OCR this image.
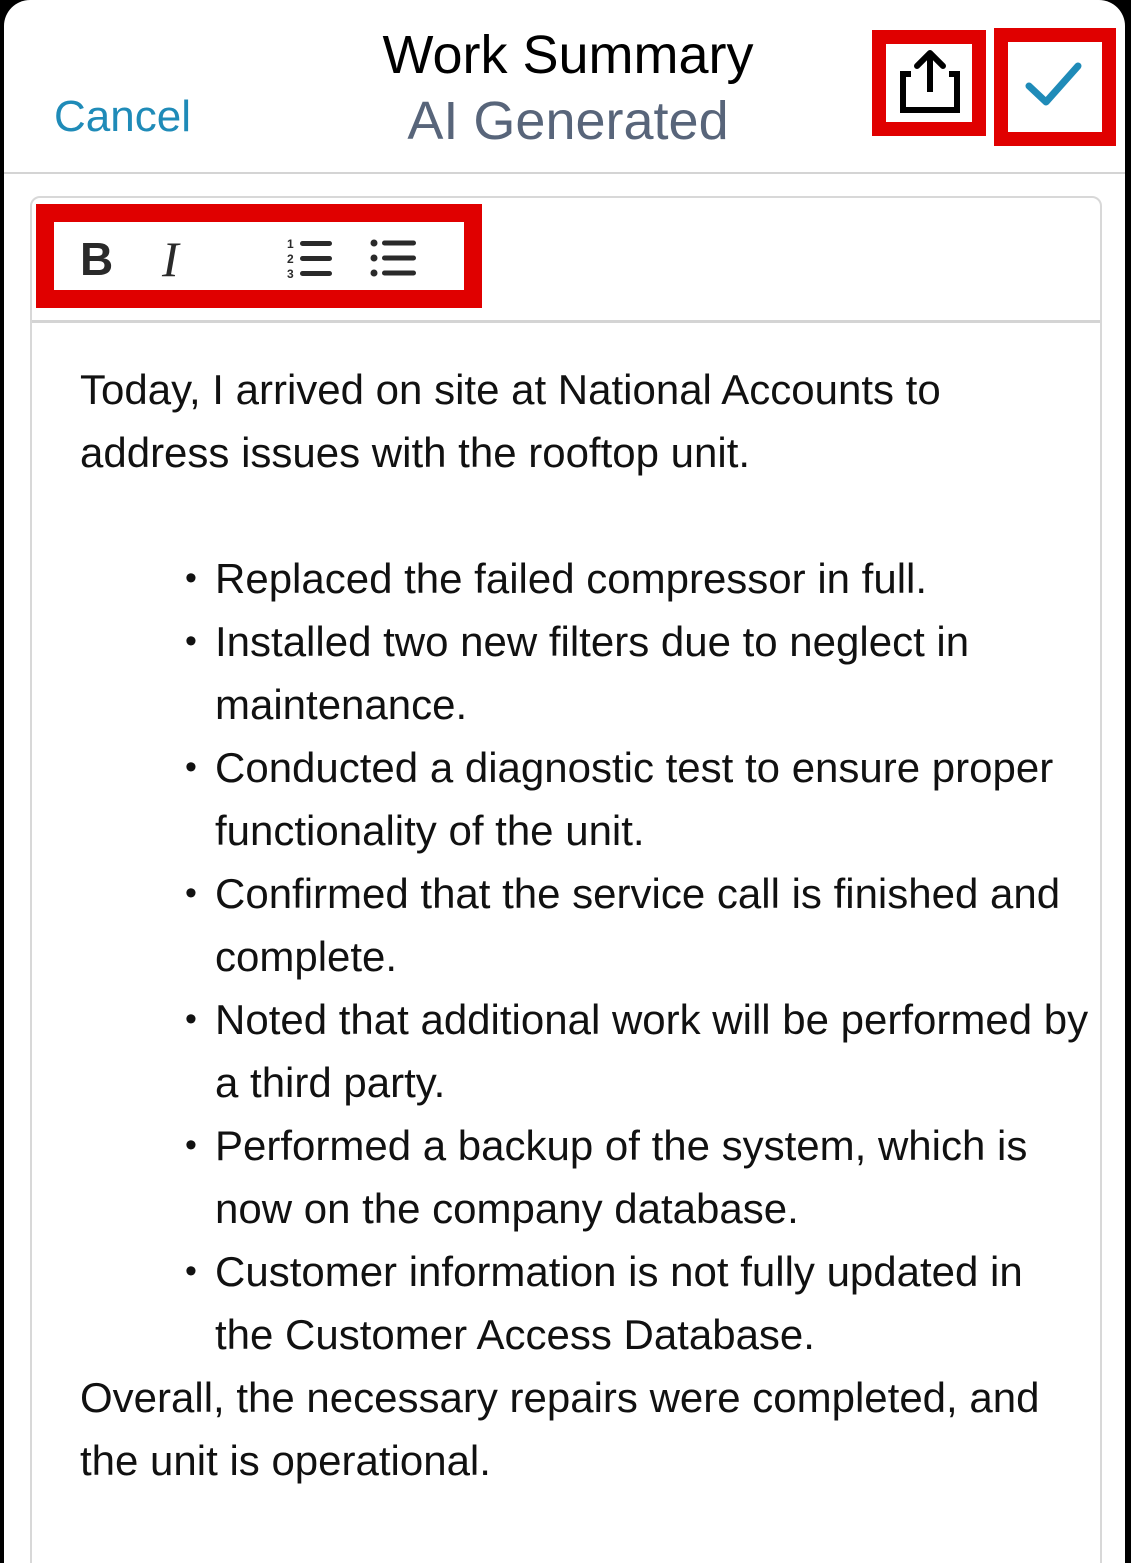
Cancel
Work Summary
AI Generated
B I	1
2
3

Today, I arrived on site at National Accounts to address issues with the rooftop unit.

• Replaced the failed compressor in full.
• Installed two new filters due to neglect in maintenance.
• Conducted a diagnostic test to ensure proper functionality of the unit.
• Confirmed that the service call is finished and complete.
• Noted that additional work will be performed by a third party.
• Performed a backup of the system, which is now on the company database.
• Customer information is not fully updated in the Customer Access Database.

Overall, the necessary repairs were completed, and the unit is operational.
